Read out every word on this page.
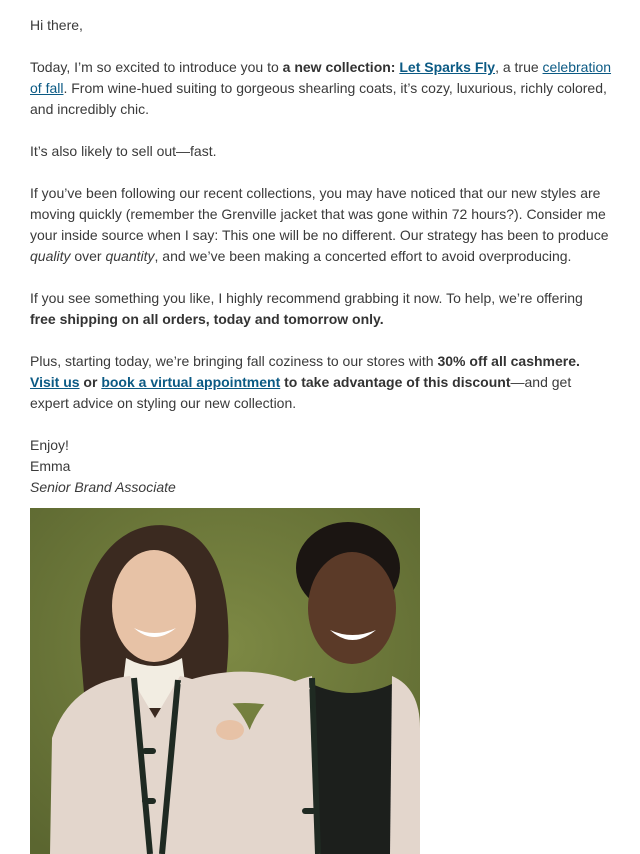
Hi there,

Today, I’m so excited to introduce you to a new collection: Let Sparks Fly, a true celebration of fall. From wine-hued suiting to gorgeous shearling coats, it’s cozy, luxurious, richly colored, and incredibly chic.

It’s also likely to sell out—fast.

If you’ve been following our recent collections, you may have noticed that our new styles are moving quickly (remember the Grenville jacket that was gone within 72 hours?). Consider me your inside source when I say: This one will be no different. Our strategy has been to produce quality over quantity, and we’ve been making a concerted effort to avoid overproducing.

If you see something you like, I highly recommend grabbing it now. To help, we’re offering free shipping on all orders, today and tomorrow only.

Plus, starting today, we’re bringing fall coziness to our stores with 30% off all cashmere.
Visit us or book a virtual appointment to take advantage of this discount—and get expert advice on styling our new collection.

Enjoy!

Emma

Senior Brand Associate
